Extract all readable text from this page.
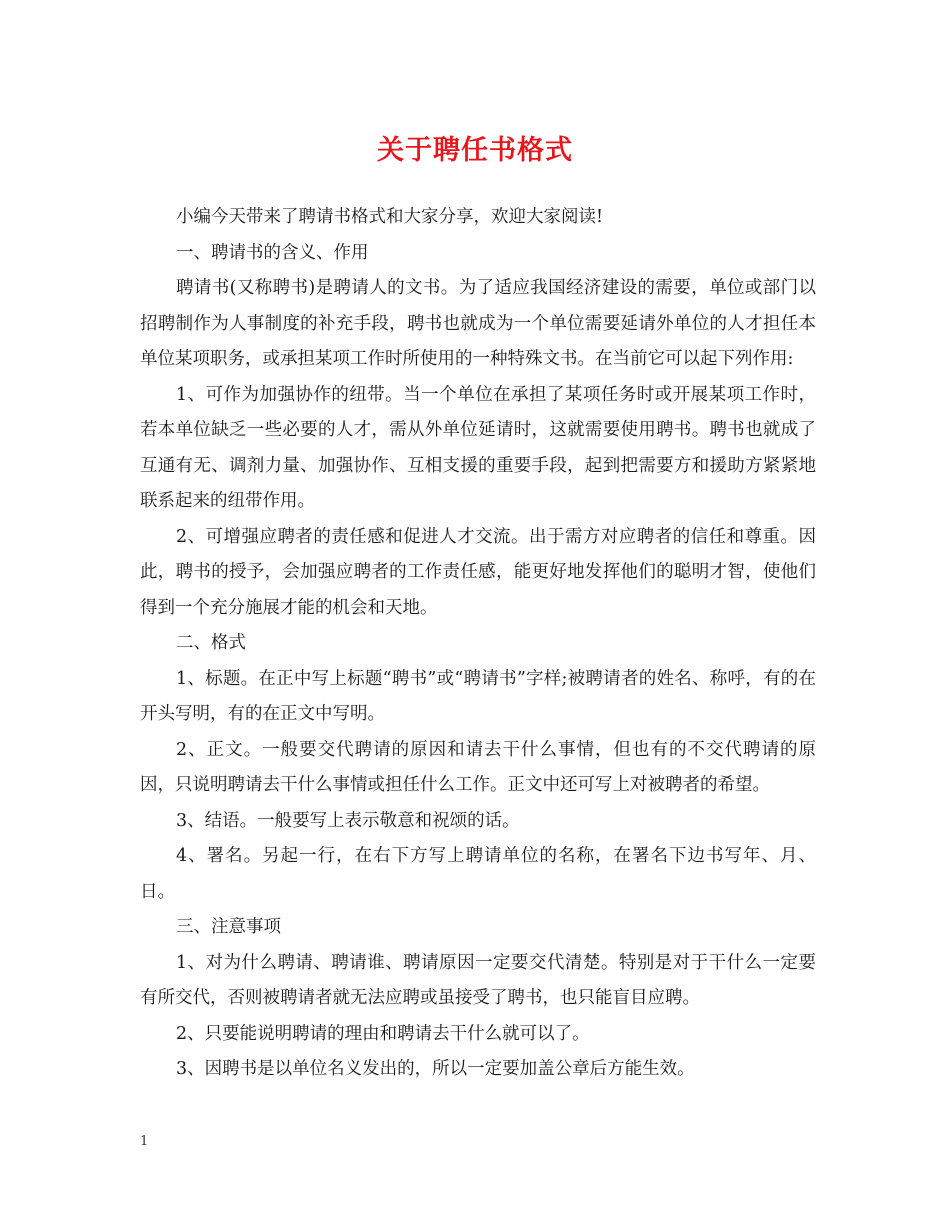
关于聘任书格式

小编今天带来了聘请书格式和大家分享，欢迎大家阅读!

一、聘请书的含义、作用

聘请书(又称聘书)是聘请人的文书。为了适应我国经济建设的需要，单位或部门以招聘制作为人事制度的补充手段，聘书也就成为一个单位需要延请外单位的人才担任本单位某项职务，或承担某项工作时所使用的一种特殊文书。在当前它可以起下列作用:

1、可作为加强协作的纽带。当一个单位在承担了某项任务时或开展某项工作时，若本单位缺乏一些必要的人才，需从外单位延请时，这就需要使用聘书。聘书也就成了互通有无、调剂力量、加强协作、互相支援的重要手段，起到把需要方和援助方紧紧地联系起来的纽带作用。

2、可增强应聘者的责任感和促进人才交流。出于需方对应聘者的信任和尊重。因此，聘书的授予，会加强应聘者的工作责任感，能更好地发挥他们的聪明才智，使他们得到一个充分施展才能的机会和天地。

二、格式

1、标题。在正中写上标题“聘书”或“聘请书”字样;被聘请者的姓名、称呼，有的在开头写明，有的在正文中写明。

2、正文。一般要交代聘请的原因和请去干什么事情，但也有的不交代聘请的原因，只说明聘请去干什么事情或担任什么工作。正文中还可写上对被聘者的希望。

3、结语。一般要写上表示敬意和祝颂的话。

4、署名。另起一行，在右下方写上聘请单位的名称，在署名下边书写年、月、日。

三、注意事项

1、对为什么聘请、聘请谁、聘请原因一定要交代清楚。特别是对于干什么一定要有所交代，否则被聘请者就无法应聘或虽接受了聘书，也只能盲目应聘。

2、只要能说明聘请的理由和聘请去干什么就可以了。

3、因聘书是以单位名义发出的，所以一定要加盖公章后方能生效。

1
